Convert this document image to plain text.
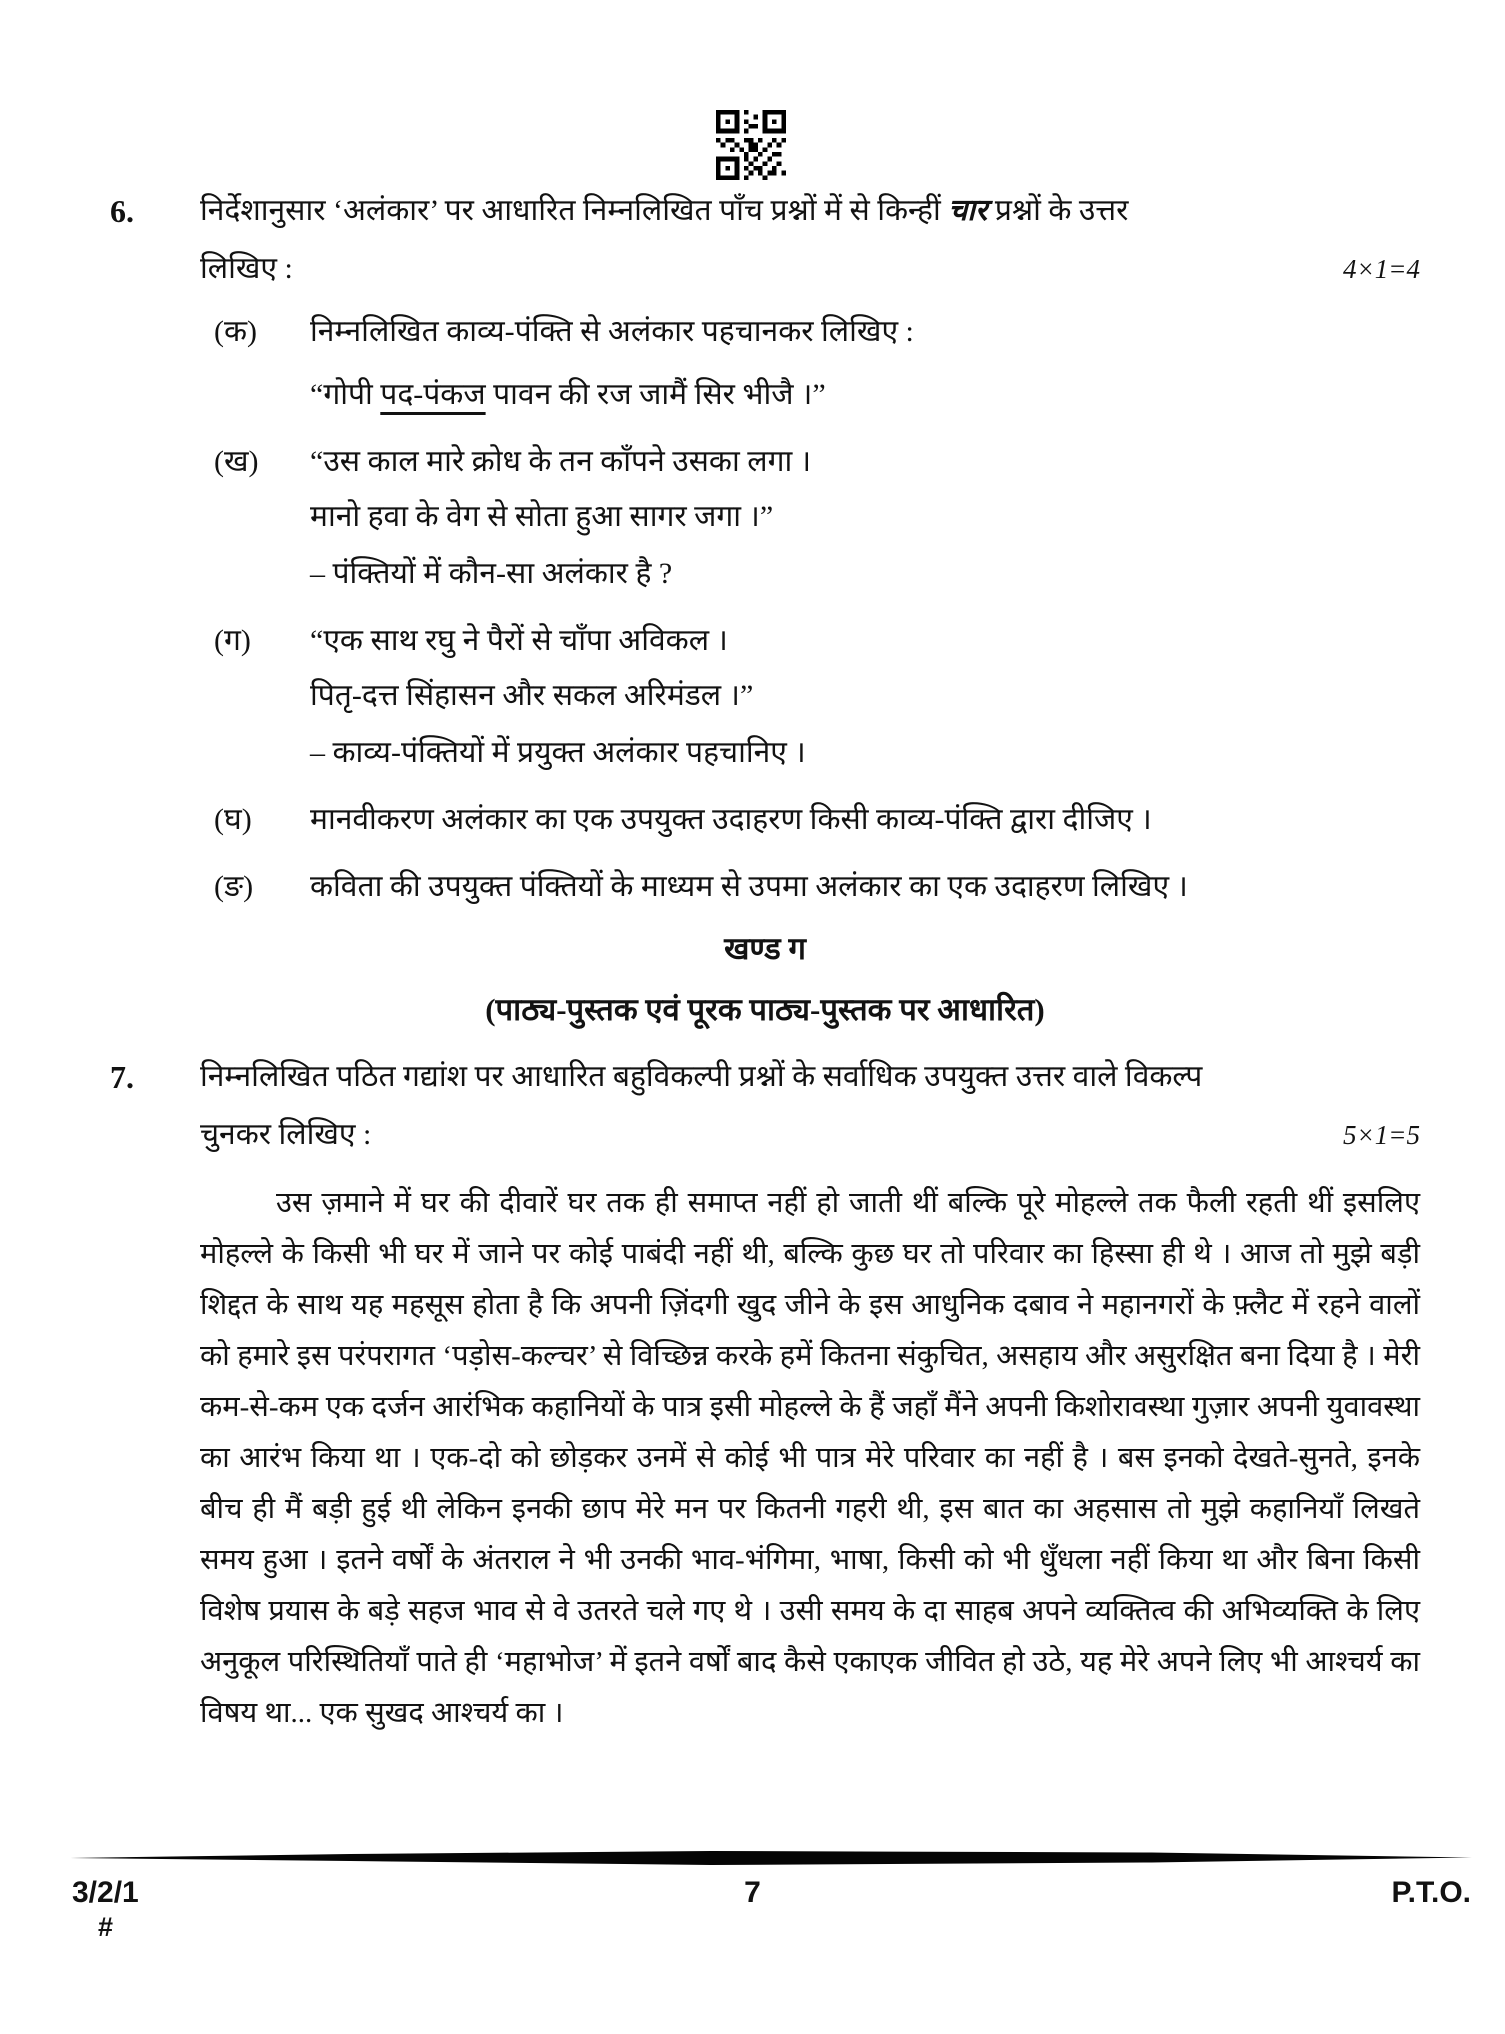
6.	निर्देशानुसार ‘अलंकार’ पर आधारित निम्नलिखित पाँच प्रश्नों में से किन्हीं चार प्रश्नों के उत्तर
लिखिए :	4×1=4
(क)	निम्नलिखित काव्य-पंक्ति से अलंकार पहचानकर लिखिए :
“गोपी पद-पंकज पावन की रज जामैं सिर भीजै ।”
(ख)	“उस काल मारे क्रोध के तन काँपने उसका लगा ।
मानो हवा के वेग से सोता हुआ सागर जगा ।”
– पंक्तियों में कौन-सा अलंकार है ?
(ग)	“एक साथ रघु ने पैरों से चाँपा अविकल ।
पितृ-दत्त सिंहासन और सकल अरिमंडल ।”
– काव्य-पंक्तियों में प्रयुक्त अलंकार पहचानिए ।
(घ)	मानवीकरण अलंकार का एक उपयुक्त उदाहरण किसी काव्य-पंक्ति द्वारा दीजिए ।
(ङ)	कविता की उपयुक्त पंक्तियों के माध्यम से उपमा अलंकार का एक उदाहरण लिखिए ।
खण्ड ग
(पाठ्य-पुस्तक एवं पूरक पाठ्य-पुस्तक पर आधारित)
7.	निम्नलिखित पठित गद्यांश पर आधारित बहुविकल्पी प्रश्नों के सर्वाधिक उपयुक्त उत्तर वाले विकल्प
चुनकर लिखिए :	5×1=5
उस ज़माने में घर की दीवारें घर तक ही समाप्त नहीं हो जाती थीं बल्कि पूरे मोहल्ले तक फैली रहती थीं इसलिए मोहल्ले के किसी भी घर में जाने पर कोई पाबंदी नहीं थी, बल्कि कुछ घर तो परिवार का हिस्सा ही थे । आज तो मुझे बड़ी शिद्दत के साथ यह महसूस होता है कि अपनी ज़िंदगी खुद जीने के इस आधुनिक दबाव ने महानगरों के फ़्लैट में रहने वालों को हमारे इस परंपरागत ‘पड़ोस-कल्चर’ से विच्छिन्न करके हमें कितना संकुचित, असहाय और असुरक्षित बना दिया है । मेरी कम-से-कम एक दर्जन आरंभिक कहानियों के पात्र इसी मोहल्ले के हैं जहाँ मैंने अपनी किशोरावस्था गुज़ार अपनी युवावस्था का आरंभ किया था । एक-दो को छोड़कर उनमें से कोई भी पात्र मेरे परिवार का नहीं है । बस इनको देखते-सुनते, इनके बीच ही मैं बड़ी हुई थी लेकिन इनकी छाप मेरे मन पर कितनी गहरी थी, इस बात का अहसास तो मुझे कहानियाँ लिखते समय हुआ । इतने वर्षों के अंतराल ने भी उनकी भाव-भंगिमा, भाषा, किसी को भी धुँधला नहीं किया था और बिना किसी विशेष प्रयास के बड़े सहज भाव से वे उतरते चले गए थे । उसी समय के दा साहब अपने व्यक्तित्व की अभिव्यक्ति के लिए अनुकूल परिस्थितियाँ पाते ही ‘महाभोज’ में इतने वर्षों बाद कैसे एकाएक जीवित हो उठे, यह मेरे अपने लिए भी आश्चर्य का विषय था... एक सुखद आश्चर्य का ।
3/2/1	7	P.T.O.
#
